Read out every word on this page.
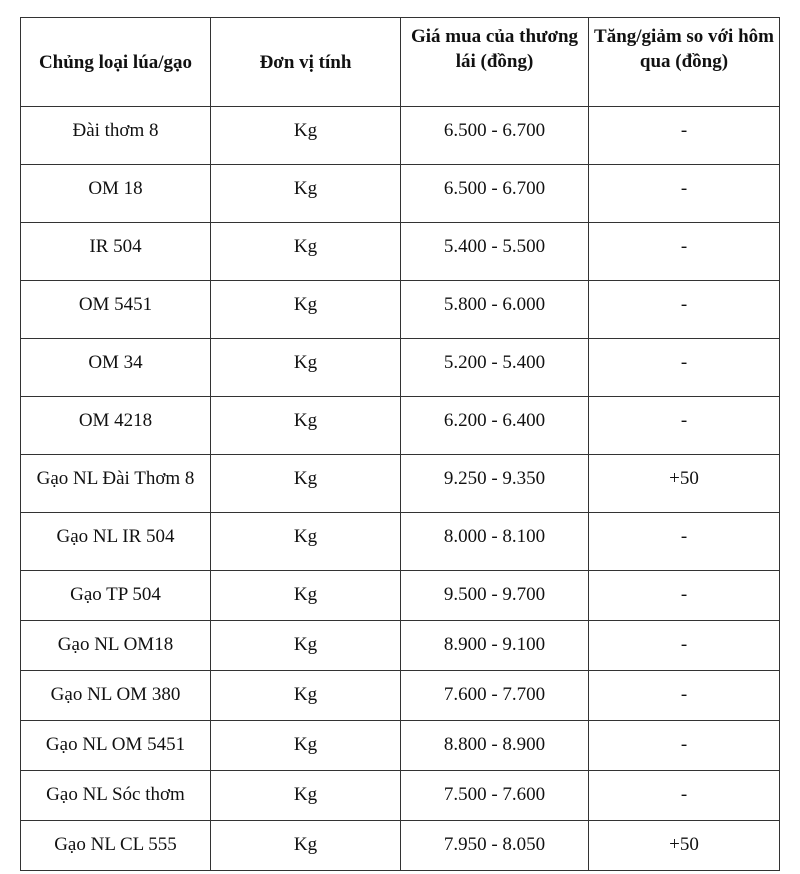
Chủng loại lúa/gạo	Đơn vị tính	Giá mua của thương lái (đồng)	Tăng/giảm so với hôm qua (đồng)
Đài thơm 8	Kg	6.500 - 6.700	-
OM 18	Kg	6.500 - 6.700	-
IR 504	Kg	5.400 - 5.500	-
OM 5451	Kg	5.800 - 6.000	-
OM 34	Kg	5.200 - 5.400	-
OM 4218	Kg	6.200 - 6.400	-
Gạo NL Đài Thơm 8	Kg	9.250 - 9.350	+50
Gạo NL IR 504	Kg	8.000 - 8.100	-
Gạo TP 504	Kg	9.500 - 9.700	-
Gạo NL OM18	Kg	8.900 - 9.100	-
Gạo NL OM 380	Kg	7.600 - 7.700	-
Gạo NL OM 5451	Kg	8.800 - 8.900	-
Gạo NL Sóc thơm	Kg	7.500 - 7.600	-
Gạo NL CL 555	Kg	7.950 - 8.050	+50
